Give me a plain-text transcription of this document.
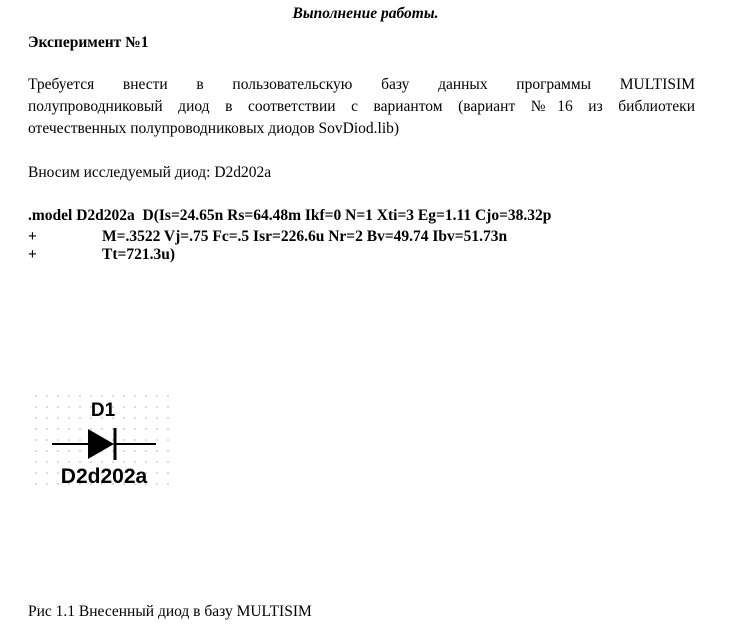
Выполнение работы.
Эксперимент №1
Требуется внести в пользовательскую базу данных программы MULTISIM
полупроводниковый диод в соответствии с вариантом (вариант №16 из библиотеки
отечественных полупроводниковых диодов SovDiod.lib)
Вносим исследуемый диод: D2d202a
.model D2d202a  D(Is=24.65n Rs=64.48m Ikf=0 N=1 Xti=3 Eg=1.11 Cjo=38.32p
+	M=.3522 Vj=.75 Fc=.5 Isr=226.6u Nr=2 Bv=49.74 Ibv=51.73n
+	Tt=721.3u)
D1
D2d202a
Рис 1.1 Внесенный диод в базу MULTISIM
